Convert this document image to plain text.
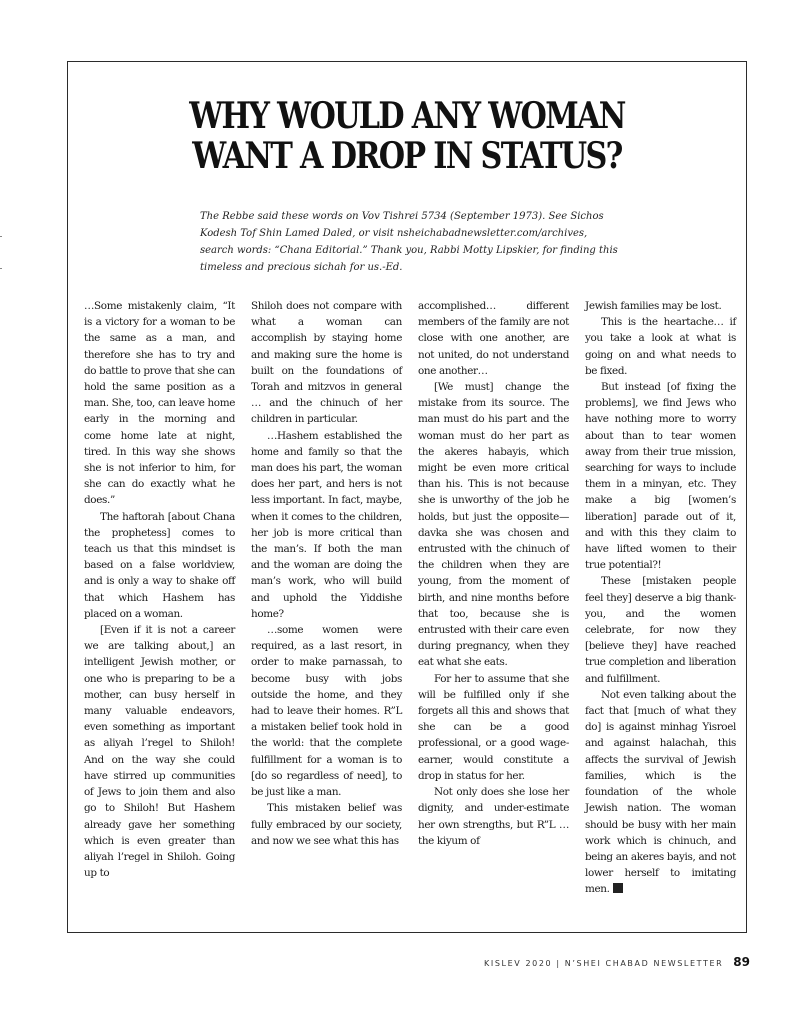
WHY WOULD ANY WOMAN
WANT A DROP IN STATUS?

The Rebbe said these words on Vov Tishrei 5734 (September 1973). See Sichos Kodesh Tof Shin Lamed Daled, or visit nsheichabadnewsletter.com/archives, search words: “Chana Editorial.” Thank you, Rabbi Motty Lipskier, for finding this timeless and precious sichah for us.-Ed.

…Some mistakenly claim, “It is a victory for a woman to be the same as a man, and therefore she has to try and do battle to prove that she can hold the same position as a man. She, too, can leave home early in the morning and come home late at night, tired. In this way she shows she is not inferior to him, for she can do exactly what he does.”

The haftorah [about Chana the prophetess] comes to teach us that this mindset is based on a false worldview, and is only a way to shake off that which Hashem has placed on a woman.

[Even if it is not a career we are talking about,] an intelligent Jewish mother, or one who is preparing to be a mother, can busy herself in many valuable endeavors, even something as important as aliyah l’regel to Shiloh! And on the way she could have stirred up communities of Jews to join them and also go to Shiloh! But Hashem already gave her something which is even greater than aliyah l’regel in Shiloh. Going up to

Shiloh does not compare with what a woman can accomplish by staying home and making sure the home is built on the foundations of Torah and mitzvos in general … and the chinuch of her children in particular.

…Hashem established the home and family so that the man does his part, the woman does her part, and hers is not less important. In fact, maybe, when it comes to the children, her job is more critical than the man’s. If both the man and the woman are doing the man’s work, who will build and uphold the Yiddishe home?

…some women were required, as a last resort, in order to make parnassah, to become busy with jobs outside the home, and they had to leave their homes. R”L a mistaken belief took hold in the world: that the complete fulfillment for a woman is to [do so regardless of need], to be just like a man.

This mistaken belief was fully embraced by our society, and now we see what this has

accomplished… different members of the family are not close with one another, are not united, do not understand one another…

[We must] change the mistake from its source. The man must do his part and the woman must do her part as the akeres habayis, which might be even more critical than his. This is not because she is unworthy of the job he holds, but just the opposite—davka she was chosen and entrusted with the chinuch of the children when they are young, from the moment of birth, and nine months before that too, because she is entrusted with their care even during pregnancy, when they eat what she eats.

For her to assume that she will be fulfilled only if she forgets all this and shows that she can be a good professional, or a good wage-earner, would constitute a drop in status for her.

Not only does she lose her dignity, and under-estimate her own strengths, but R”L … the kiyum of

Jewish families may be lost.

This is the heartache… if you take a look at what is going on and what needs to be fixed.

But instead [of fixing the problems], we find Jews who have nothing more to worry about than to tear women away from their true mission, searching for ways to include them in a minyan, etc. They make a big [women’s liberation] parade out of it, and with this they claim to have lifted women to their true potential?!

These [mistaken people feel they] deserve a big thank-you, and the women celebrate, for now they [believe they] have reached true completion and liberation and fulfillment.

Not even talking about the fact that [much of what they do] is against minhag Yisroel and against halachah, this affects the survival of Jewish families, which is the foundation of the whole Jewish nation. The woman should be busy with her main work which is chinuch, and being an akeres bayis, and not lower herself to imitating men.

KISLEV 2020 | N’SHEI CHABAD NEWSLETTER 89
